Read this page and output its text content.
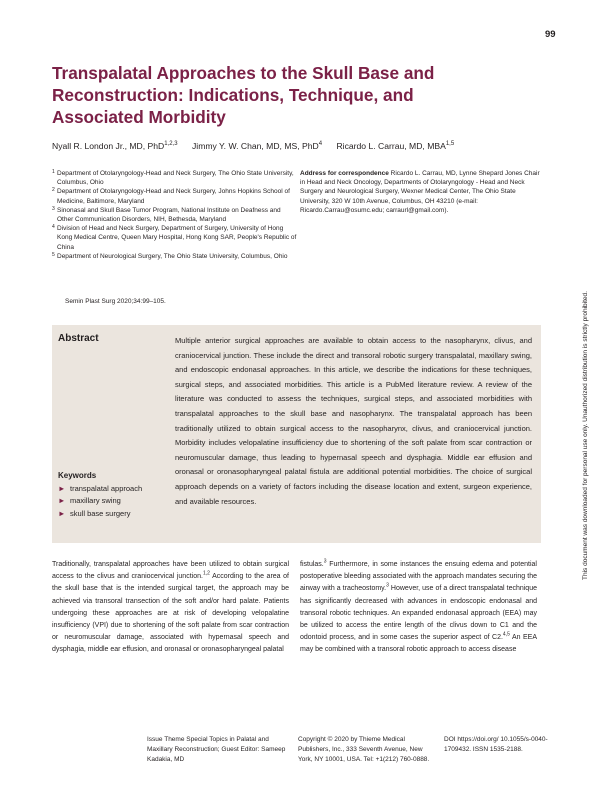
99
Transpalatal Approaches to the Skull Base and Reconstruction: Indications, Technique, and Associated Morbidity
Nyall R. London Jr., MD, PhD$^{1,2,3}$ Jimmy Y. W. Chan, MD, MS, PhD$^4$ Ricardo L. Carrau, MD, MBA$^{1,5}$
1 Department of Otolaryngology-Head and Neck Surgery, The Ohio State University, Columbus, Ohio
2 Department of Otolaryngology-Head and Neck Surgery, Johns Hopkins School of Medicine, Baltimore, Maryland
3 Sinonasal and Skull Base Tumor Program, National Institute on Deafness and Other Communication Disorders, NIH, Bethesda, Maryland
4 Division of Head and Neck Surgery, Department of Surgery, University of Hong Kong Medical Centre, Queen Mary Hospital, Hong Kong SAR, People's Republic of China
5 Department of Neurological Surgery, The Ohio State University, Columbus, Ohio
Address for correspondence Ricardo L. Carrau, MD, Lynne Shepard Jones Chair in Head and Neck Oncology, Departments of Otolaryngology - Head and Neck Surgery and Neurological Surgery, Wexner Medical Center, The Ohio State University, 320 W 10th Avenue, Columbus, OH 43210 (e-mail: Ricardo.Carrau@osumc.edu; carraurl@gmail.com).
Semin Plast Surg 2020;34:99–105.
Abstract	Multiple anterior surgical approaches are available to obtain access to the nasopharynx, clivus, and craniocervical junction. These include the direct and transoral robotic surgery transpalatal, maxillary swing, and endoscopic endonasal approaches. In this article, we describe the indications for these techniques, surgical steps, and associated morbidities. This article is a PubMed literature review. A review of the literature was conducted to assess the techniques, surgical steps, and associated morbidities with transpalatal approaches to the skull base and nasopharynx. The transpalatal approach has been traditionally utilized to obtain surgical access to the nasopharynx, clivus, and craniocervical junction. Morbidity includes velopalatine insufficiency due to shortening of the soft palate from scar contraction or neuromuscular damage, thus leading to hypernasal speech and dysphagia. Middle ear effusion and oronasal or oronasopharyngeal palatal fistula are additional potential morbidities. The choice of surgical approach depends on a variety of factors including the disease location and extent, surgeon experience, and available resources.

Keywords
► transpalatal approach
► maxillary swing
► skull base surgery

Traditionally, transpalatal approaches have been utilized to obtain surgical access to the clivus and craniocervical junction.$^{1,2}$ According to the area of the skull base that is the intended surgical target, the approach may be achieved via transoral transection of the soft and/or hard palate. Patients undergoing these approaches are at risk of developing velopalatine insufficiency (VPI) due to shortening of the soft palate from scar contraction or neuromuscular damage, associated with hypernasal speech and dysphagia, middle ear effusion, and oronasal or oronasopharyngeal palatal

fistulas.$^3$ Furthermore, in some instances the ensuing edema and potential postoperative bleeding associated with the approach mandates securing the airway with a tracheostomy.$^3$ However, use of a direct transpalatal technique has significantly decreased with advances in endoscopic endonasal and transoral robotic techniques. An expanded endonasal approach (EEA) may be utilized to access the entire length of the clivus down to C1 and the odontoid process, and in some cases the superior aspect of C2.$^{4,5}$ An EEA may be combined with a transoral robotic approach to access disease

This document was downloaded for personal use only. Unauthorized distribution is strictly prohibited.
Issue Theme Special Topics in Palatal and Maxillary Reconstruction; Guest Editor: Sameep Kadakia, MD
Copyright © 2020 by Thieme Medical Publishers, Inc., 333 Seventh Avenue, New York, NY 10001, USA. Tel: +1(212) 760-0888.
DOI https://doi.org/ 10.1055/s-0040-1709432. ISSN 1535-2188.
